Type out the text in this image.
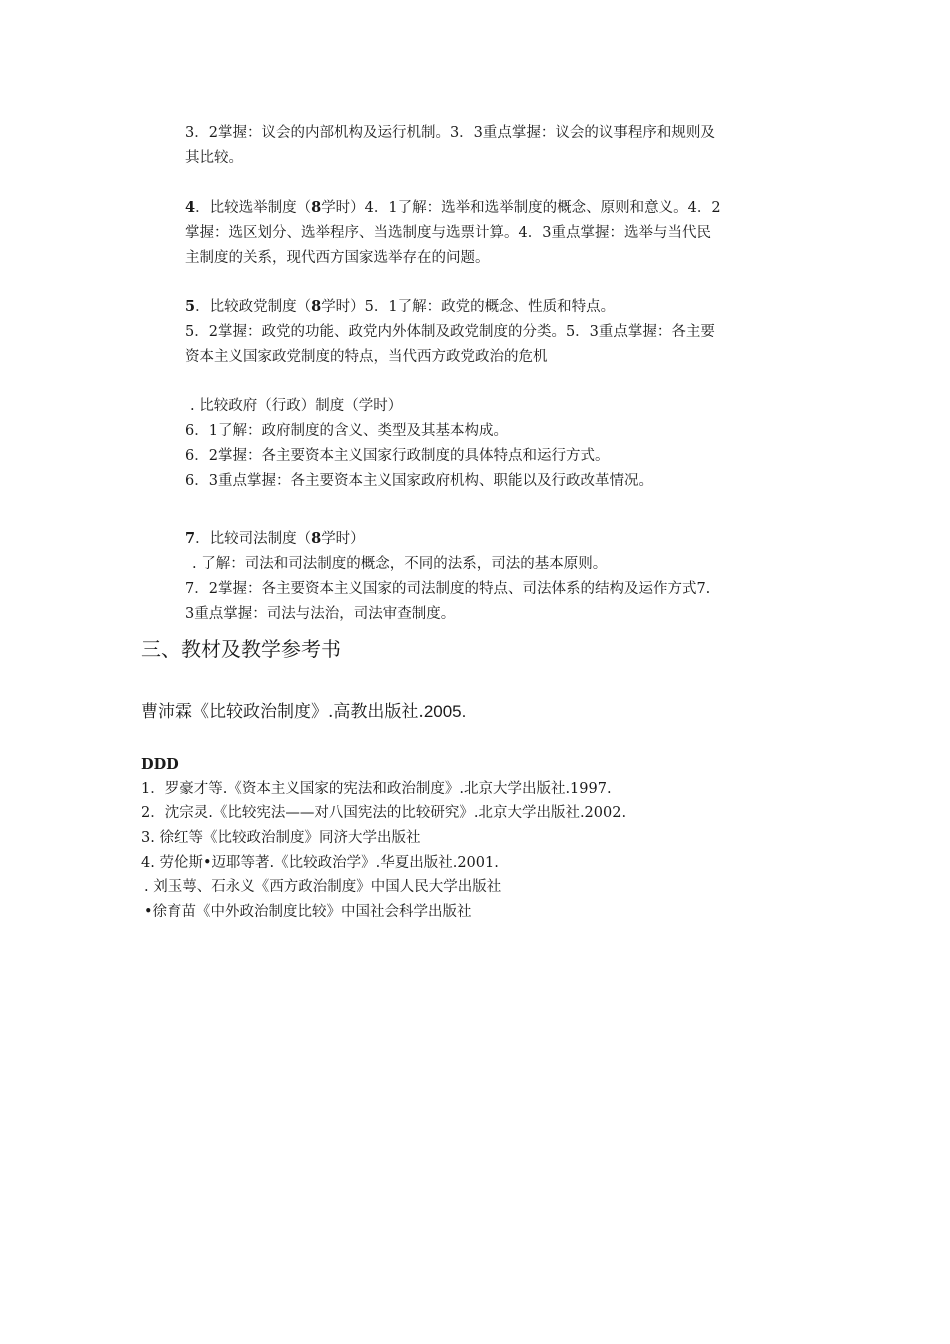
3．2掌握：议会的内部机构及运行机制。3．3重点掌握：议会的议事程序和规则及
其比较。
4．比较选举制度（8学时）4．1了解：选举和选举制度的概念、原则和意义。4．2
掌握：选区划分、选举程序、当选制度与选票计算。4．3重点掌握：选举与当代民
主制度的关系，现代西方国家选举存在的问题。
5．比较政党制度（8学时）5．1了解：政党的概念、性质和特点。
5．2掌握：政党的功能、政党内外体制及政党制度的分类。5．3重点掌握：各主要
资本主义国家政党制度的特点，当代西方政党政治的危机
. 比较政府（行政）制度（学时）
6．1了解：政府制度的含义、类型及其基本构成。
6．2掌握：各主要资本主义国家行政制度的具体特点和运行方式。
6．3重点掌握：各主要资本主义国家政府机构、职能以及行政改革情况。
7．比较司法制度（8学时）
. 了解：司法和司法制度的概念，不同的法系，司法的基本原则。
7．2掌握：各主要资本主义国家的司法制度的特点、司法体系的结构及运作方式7.
3重点掌握：司法与法治，司法审查制度。
三、教材及教学参考书
曹沛霖《比较政治制度》.高教出版社.2005.
DDD
1．罗豪才等.《资本主义国家的宪法和政治制度》.北京大学出版社.1997.
2．沈宗灵.《比较宪法——对八国宪法的比较研究》.北京大学出版社.2002.
3. 徐红等《比较政治制度》同济大学出版社
4. 劳伦斯•迈耶等著.《比较政治学》.华夏出版社.2001.
. 刘玉萼、石永义《西方政治制度》中国人民大学出版社
•徐育苗《中外政治制度比较》中国社会科学出版社
